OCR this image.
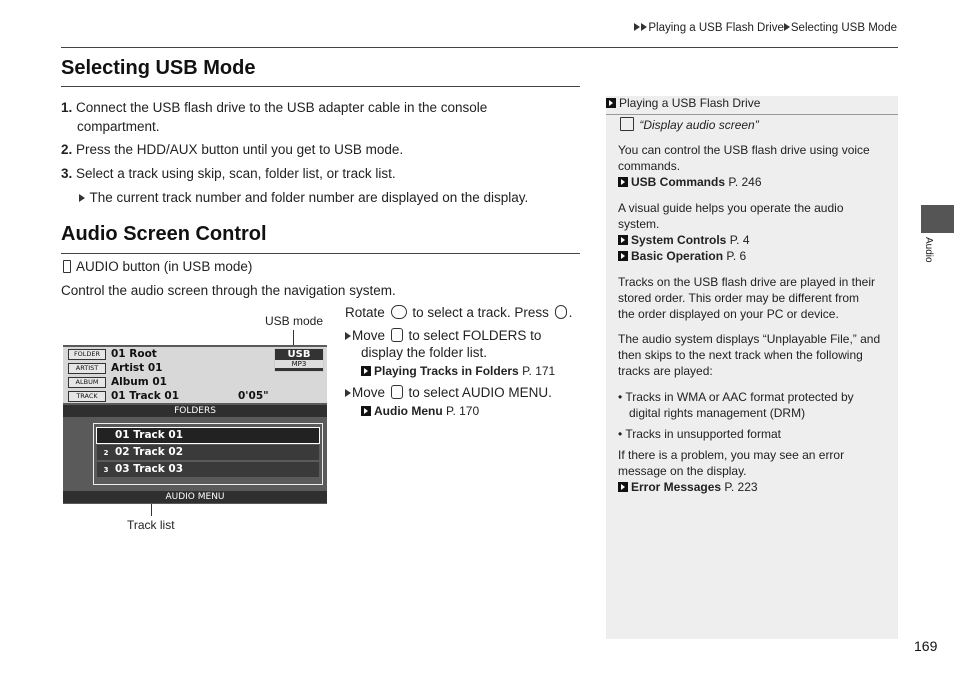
Playing a USB Flash Drive Selecting USB Mode
Selecting USB Mode
1. Connect the USB flash drive to the USB adapter cable in the console
compartment.
2. Press the HDD/AUX button until you get to USB mode.
3. Select a track using skip, scan, folder list, or track list.
The current track number and folder number are displayed on the display.
Audio Screen Control
AUDIO button (in USB mode)
Control the audio screen through the navigation system.
Rotate to select a track. Press .
Move to select FOLDERS to
display the folder list.
Playing Tracks in Folders P. 171
Move to select AUDIO MENU.
Audio Menu P. 170
USB mode
Track list
FOLDER	01 Root
ARTIST	Artist 01
ALBUM	Album 01
TRACK	01 Track 01	0'05"
USB
MP3
FOLDERS
01 Track 01
2 02 Track 02
3 03 Track 03
AUDIO MENU
Playing a USB Flash Drive
“Display audio screen”
You can control the USB flash drive using voice
commands.
USB Commands P. 246
A visual guide helps you operate the audio
system.
System Controls P. 4
Basic Operation P. 6
Tracks on the USB flash drive are played in their
stored order. This order may be different from
the order displayed on your PC or device.
The audio system displays “Unplayable File,” and
then skips to the next track when the following
tracks are played:
• Tracks in WMA or AAC format protected by
digital rights management (DRM)
• Tracks in unsupported format
If there is a problem, you may see an error
message on the display.
Error Messages P. 223
Audio
169
